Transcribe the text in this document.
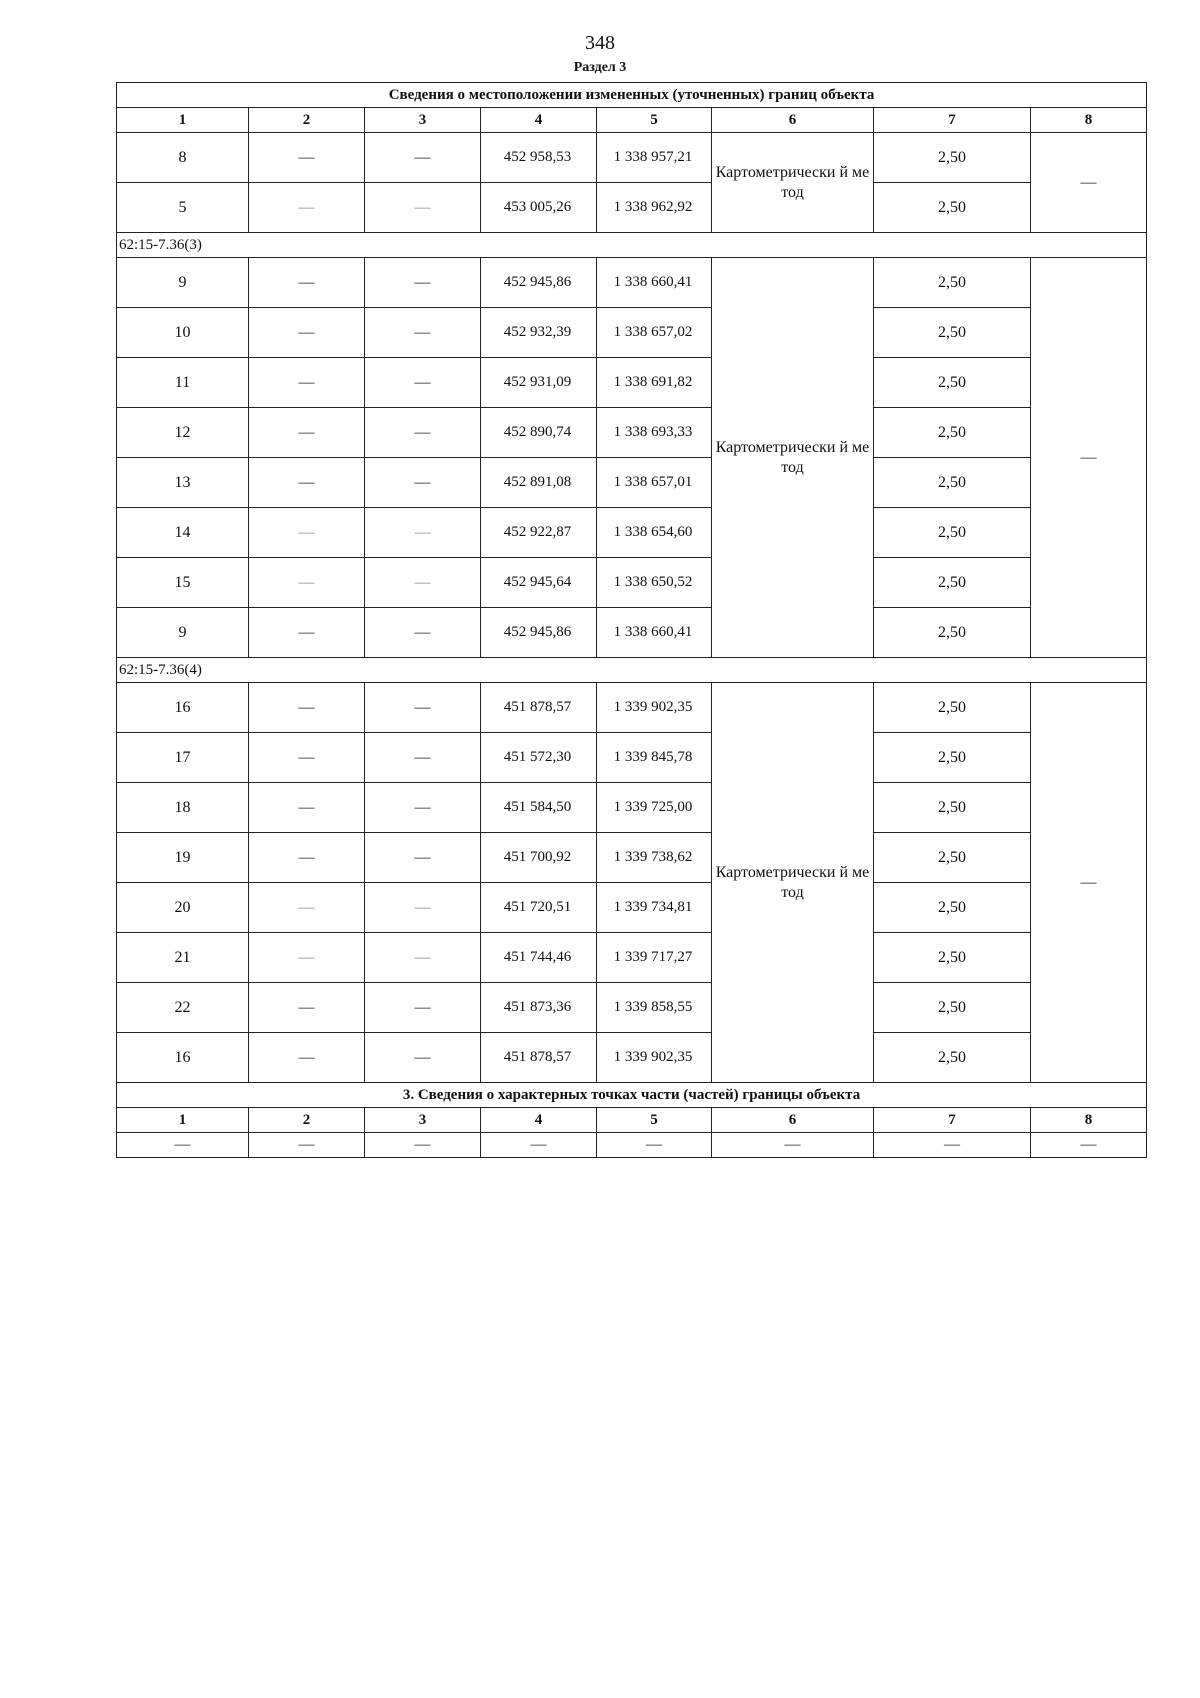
348
Раздел 3
Сведения о местоположении измененных (уточненных) границ объекта							
1	2	3	4	5	6	7	8
8	—	—	452 958,53	1 338 957,21	Картометрически й метод	2,50	—
5	—	—	453 005,26	1 338 962,92		2,50	
62:15-7.36(3)							
9	—	—	452 945,86	1 338 660,41	Картометрически й метод	2,50	—
10	—	—	452 932,39	1 338 657,02		2,50	
11	—	—	452 931,09	1 338 691,82		2,50	
12	—	—	452 890,74	1 338 693,33		2,50	
13	—	—	452 891,08	1 338 657,01		2,50	
14	—	—	452 922,87	1 338 654,60		2,50	
15	—	—	452 945,64	1 338 650,52		2,50	
9	—	—	452 945,86	1 338 660,41		2,50	
62:15-7.36(4)							
16	—	—	451 878,57	1 339 902,35	Картометрически й метод	2,50	—
17	—	—	451 572,30	1 339 845,78		2,50	
18	—	—	451 584,50	1 339 725,00		2,50	
19	—	—	451 700,92	1 339 738,62		2,50	
20	—	—	451 720,51	1 339 734,81		2,50	
21	—	—	451 744,46	1 339 717,27		2,50	
22	—	—	451 873,36	1 339 858,55		2,50	
16	—	—	451 878,57	1 339 902,35		2,50	
3. Сведения о характерных точках части (частей) границы объекта							
1	2	3	4	5	6	7	8
—	—	—	—	—	—	—	—
